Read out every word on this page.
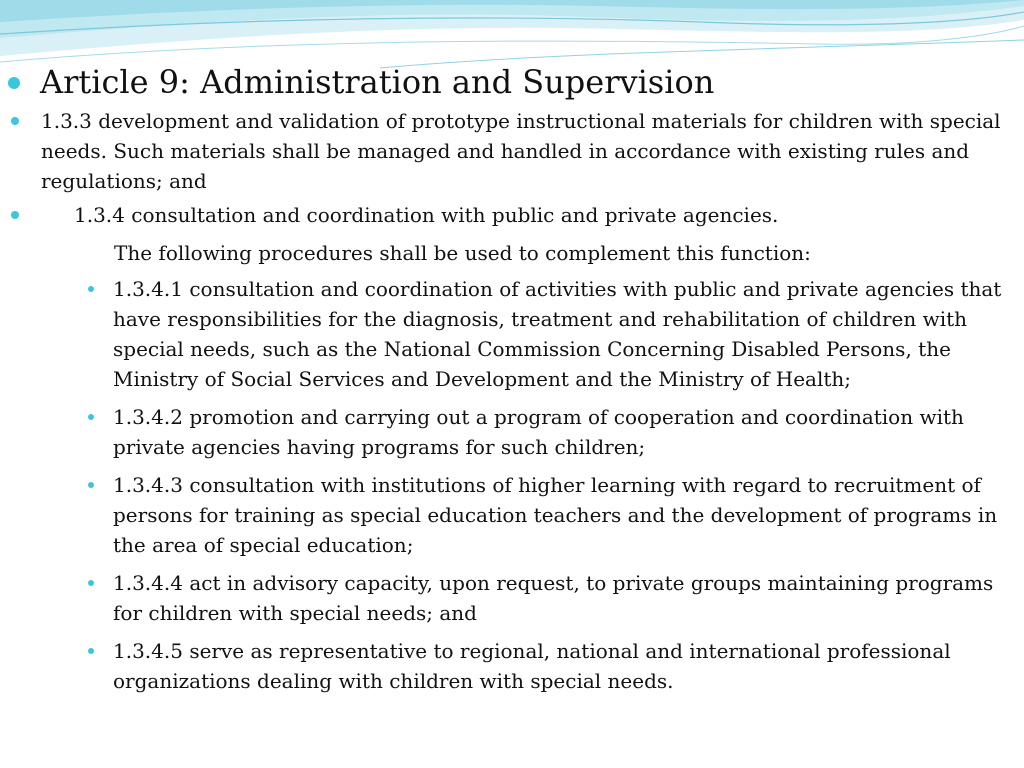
Article 9: Administration and Supervision
1.3.3 development and validation of prototype instructional materials for children with special needs. Such materials shall be managed and handled in accordance with existing rules and regulations; and
1.3.4 consultation and coordination with public and private agencies.
The following procedures shall be used to complement this function:
1.3.4.1 consultation and coordination of activities with public and private agencies that have responsibilities for the diagnosis, treatment and rehabilitation of children with special needs, such as the National Commission Concerning Disabled Persons, the Ministry of Social Services and Development and the Ministry of Health;
1.3.4.2 promotion and carrying out a program of cooperation and coordination with private agencies having programs for such children;
1.3.4.3 consultation with institutions of higher learning with regard to recruitment of persons for training as special education teachers and the development of programs in the area of special education;
1.3.4.4 act in advisory capacity, upon request, to private groups maintaining programs for children with special needs; and
1.3.4.5 serve as representative to regional, national and international professional organizations dealing with children with special needs.
